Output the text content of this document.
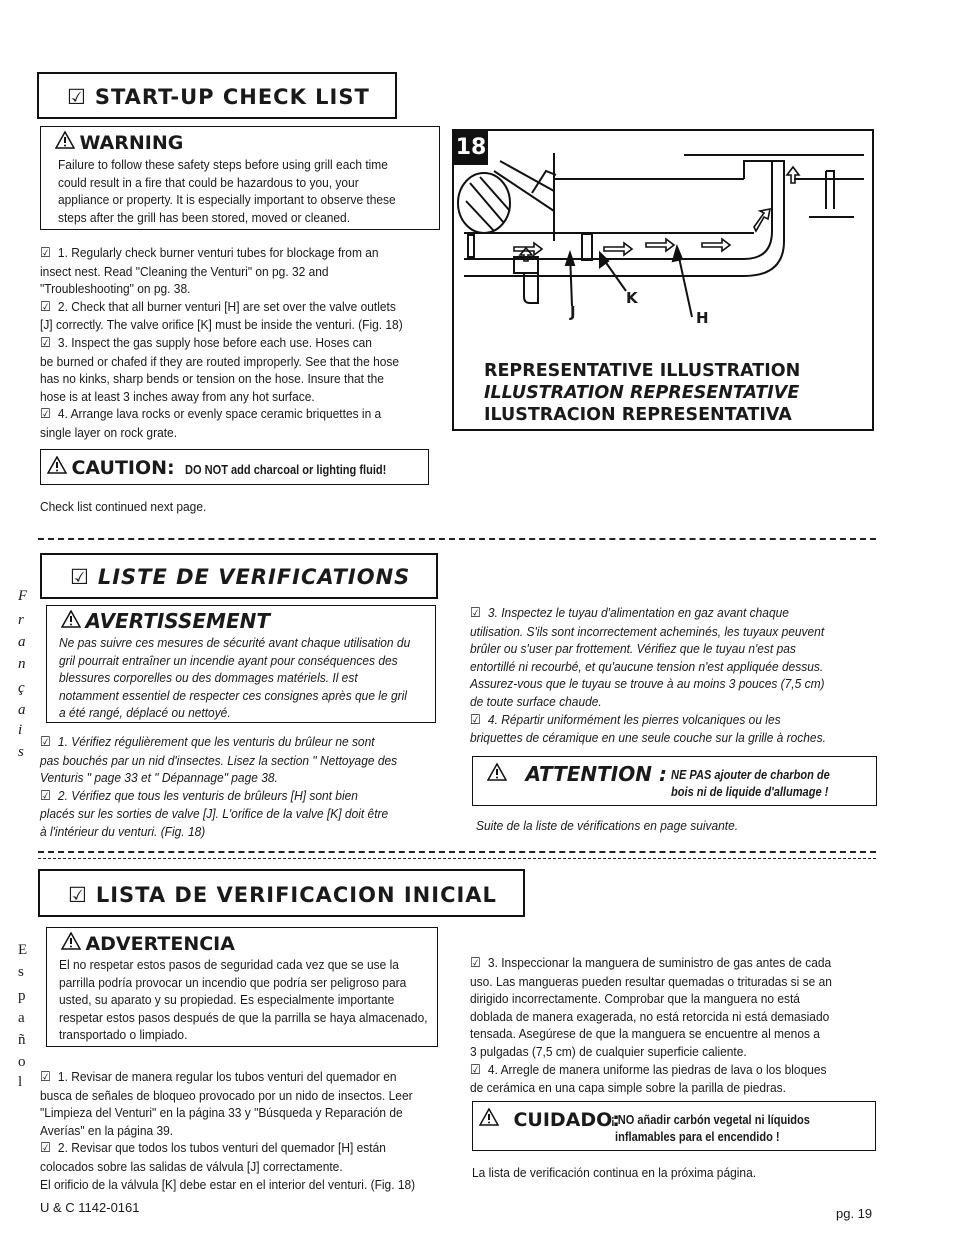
☑ START-UP CHECK LIST
WARNING

Failure to follow these safety steps before using grill each time

could result in a fire that could be hazardous to you, your

appliance or property. It is especially important to observe these

steps after the grill has been stored, moved or cleaned.

☑ 1. Regularly check burner venturi tubes for blockage from an

insect nest. Read "Cleaning the Venturi" on pg. 32 and

"Troubleshooting" on pg. 38.

☑ 2. Check that all burner venturi [H] are set over the valve outlets

[J] correctly. The valve orifice [K] must be inside the venturi. (Fig. 18)

☑ 3. Inspect the gas supply hose before each use. Hoses can

be burned or chafed if they are routed improperly. See that the hose

has no kinks, sharp bends or tension on the hose. Insure that the

hose is at least 3 inches away from any hot surface.

☑ 4. Arrange lava rocks or evenly space ceramic briquettes in a

single layer on rock grate.

CAUTION: DO NOT add charcoal or lighting fluid!
Check list continued next page.
18
J
K
H
REPRESENTATIVE ILLUSTRATION
ILLUSTRATION REPRESENTATIVE
ILUSTRACION REPRESENTATIVA
F
r
a
n
ç
a
i
s
☑ LISTE DE VERIFICATIONS
AVERTISSEMENT

Ne pas suivre ces mesures de sécurité avant chaque utilisation du

gril pourrait entraîner un incendie ayant pour conséquences des

blessures corporelles ou des dommages matériels. Il est

notamment essentiel de respecter ces consignes après que le gril

a été rangé, déplacé ou nettoyé.

☑ 1. Vérifiez régulièrement que les venturis du brûleur ne sont

pas bouchés par un nid d'insectes. Lisez la section " Nettoyage des

Venturis " page 33 et " Dépannage" page 38.

☑ 2. Vérifiez que tous les venturis de brûleurs [H] sont bien

placés sur les sorties de valve [J]. L'orifice de la valve [K] doit être

à l'intérieur du venturi. (Fig. 18)

☑ 3. Inspectez le tuyau d'alimentation en gaz avant chaque

utilisation. S'ils sont incorrectement acheminés, les tuyaux peuvent

brûler ou s'user par frottement. Vérifiez que le tuyau n'est pas

entortillé ni recourbé, et qu'aucune tension n'est appliquée dessus.

Assurez-vous que le tuyau se trouve à au moins 3 pouces (7,5 cm)

de toute surface chaude.

☑ 4. Répartir uniformément les pierres volcaniques ou les

briquettes de céramique en une seule couche sur la grille à roches.

ATTENTION : NE PAS ajouter de charbon de
bois ni de liquide d'allumage !
Suite de la liste de vérifications en page suivante.
E
s
p
a
ñ
o
l
☑ LISTA DE VERIFICACION INICIAL
ADVERTENCIA

El no respetar estos pasos de seguridad cada vez que se use la

parrilla podría provocar un incendio que podría ser peligroso para

usted, su aparato y su propiedad. Es especialmente importante

respetar estos pasos después de que la parrilla se haya almacenado,

transportado o limpiado.

☑ 1. Revisar de manera regular los tubos venturi del quemador en

busca de señales de bloqueo provocado por un nido de insectos. Leer

"Limpieza del Venturi" en la página 33 y "Búsqueda y Reparación de

Averías" en la página 39.

☑ 2. Revisar que todos los tubos venturi del quemador [H] están

colocados sobre las salidas de válvula [J] correctamente.

El orificio de la válvula [K] debe estar en el interior del venturi. (Fig. 18)

☑ 3. Inspeccionar la manguera de suministro de gas antes de cada

uso. Las mangueras pueden resultar quemadas o trituradas si se an

dirigido incorrectamente. Comprobar que la manguera no está

doblada de manera exagerada, no está retorcida ni está demasiado

tensada. Asegúrese de que la manguera se encuentre al menos a

3 pulgadas (7,5 cm) de cualquier superficie caliente.

☑ 4. Arregle de manera uniforme las piedras de lava o los bloques

de cerámica en una capa simple sobre la parilla de piedras.

CUIDADO:
¡ NO añadir carbón vegetal ni líquidos
inflamables para el encendido !
La lista de verificación continua en la próxima página.
U & C 1142-0161	pg. 19
